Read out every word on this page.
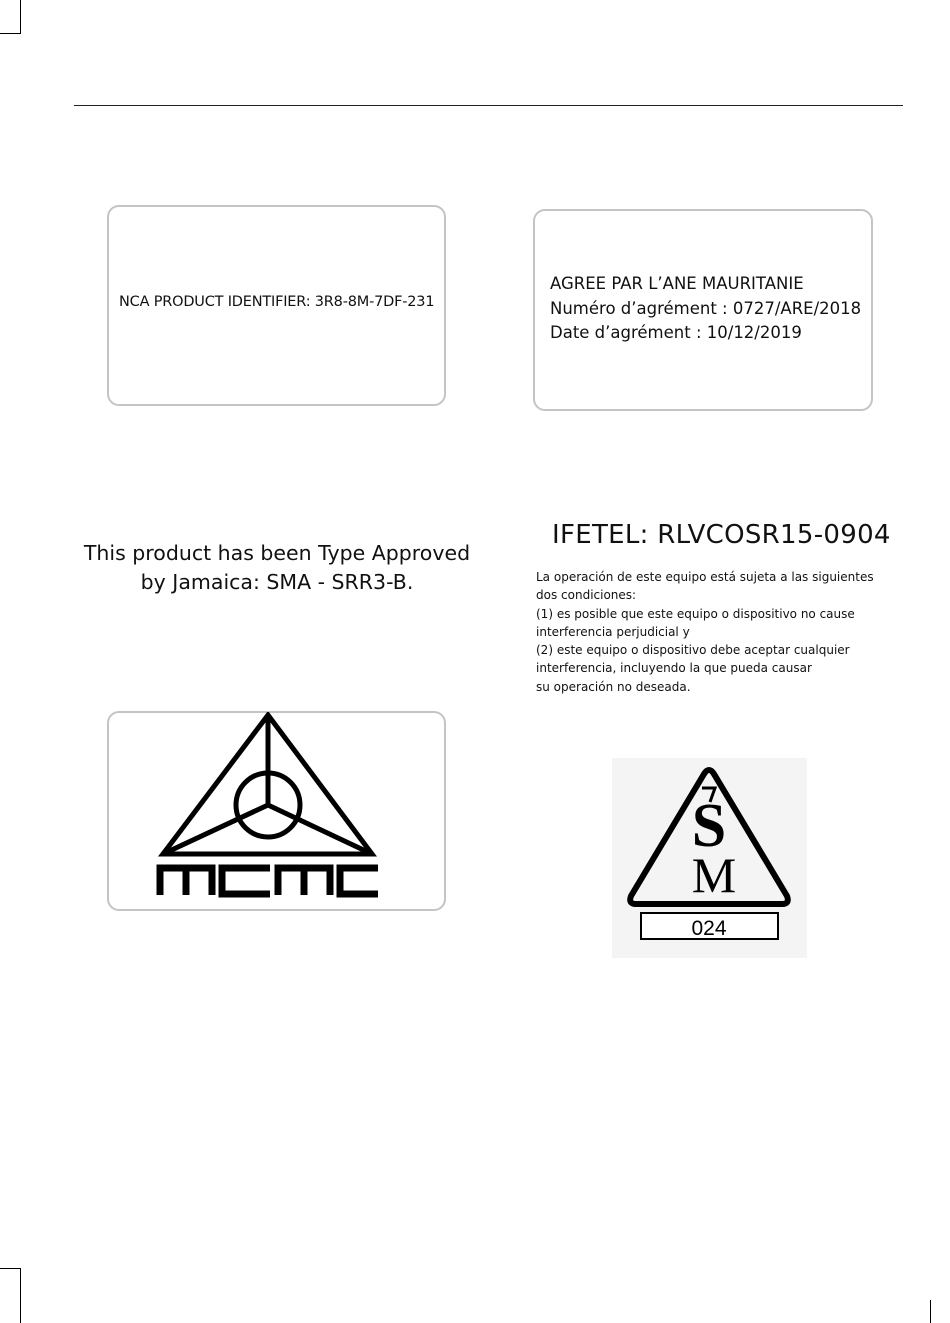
NCA PRODUCT IDENTIFIER: 3R8-8M-7DF-231
AGREE PAR L’ANE MAURITANIE
Numéro d’agrément : 0727/ARE/2018
Date d’agrément : 10/12/2019
This product has been Type Approved
by Jamaica: SMA - SRR3-B.
IFETEL: RLVCOSR15-0904
La operación de este equipo está sujeta a las siguientes
dos condiciones:
(1) es posible que este equipo o dispositivo no cause
interferencia perjudicial y
(2) este equipo o dispositivo debe aceptar cualquier
interferencia, incluyendo la que pueda causar
su operación no deseada.
S
M
024
